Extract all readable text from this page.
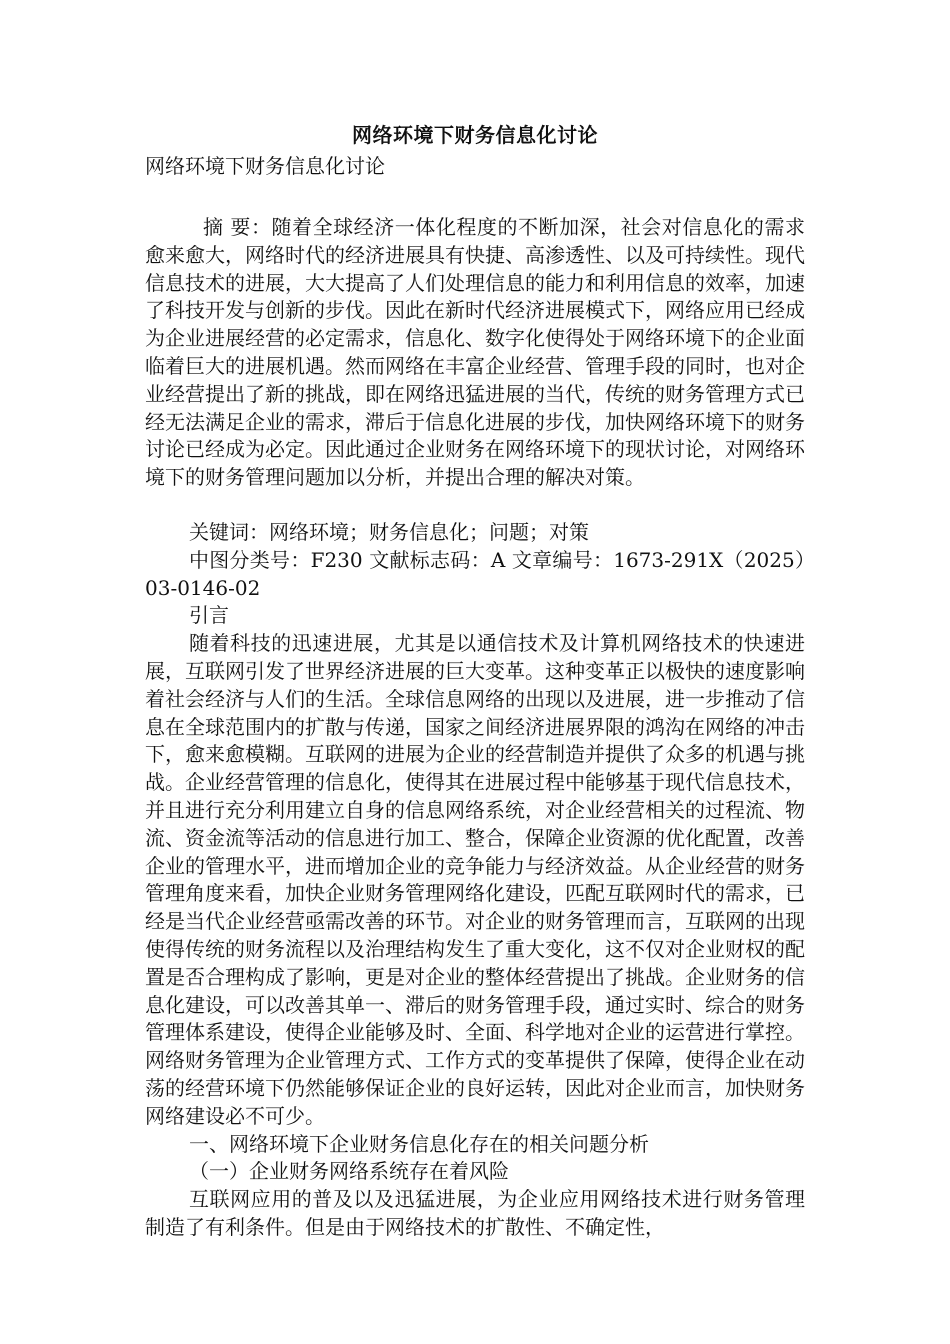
网络环境下财务信息化讨论
网络环境下财务信息化讨论

摘 要：随着全球经济一体化程度的不断加深，社会对信息化的需求愈来愈大，网络时代的经济进展具有快捷、高渗透性、以及可持续性。现代信息技术的进展，大大提高了人们处理信息的能力和利用信息的效率，加速了科技开发与创新的步伐。因此在新时代经济进展模式下，网络应用已经成为企业进展经营的必定需求，信息化、数字化使得处于网络环境下的企业面临着巨大的进展机遇。然而网络在丰富企业经营、管理手段的同时，也对企业经营提出了新的挑战，即在网络迅猛进展的当代，传统的财务管理方式已经无法满足企业的需求，滞后于信息化进展的步伐，加快网络环境下的财务讨论已经成为必定。因此通过企业财务在网络环境下的现状讨论，对网络环境下的财务管理问题加以分析，并提出合理的解决对策。

关键词：网络环境；财务信息化；问题；对策

中图分类号：F230 文献标志码：A 文章编号：1673-291X（2025）03-0146-02

引言

随着科技的迅速进展，尤其是以通信技术及计算机网络技术的快速进展，互联网引发了世界经济进展的巨大变革。这种变革正以极快的速度影响着社会经济与人们的生活。全球信息网络的出现以及进展，进一步推动了信息在全球范围内的扩散与传递，国家之间经济进展界限的鸿沟在网络的冲击下，愈来愈模糊。互联网的进展为企业的经营制造并提供了众多的机遇与挑战。企业经营管理的信息化，使得其在进展过程中能够基于现代信息技术，并且进行充分利用建立自身的信息网络系统，对企业经营相关的过程流、物流、资金流等活动的信息进行加工、整合，保障企业资源的优化配置，改善企业的管理水平，进而增加企业的竞争能力与经济效益。从企业经营的财务管理角度来看，加快企业财务管理网络化建设，匹配互联网时代的需求，已经是当代企业经营亟需改善的环节。对企业的财务管理而言，互联网的出现使得传统的财务流程以及治理结构发生了重大变化，这不仅对企业财权的配置是否合理构成了影响，更是对企业的整体经营提出了挑战。企业财务的信息化建设，可以改善其单一、滞后的财务管理手段，通过实时、综合的财务管理体系建设，使得企业能够及时、全面、科学地对企业的运营进行掌控。网络财务管理为企业管理方式、工作方式的变革提供了保障，使得企业在动荡的经营环境下仍然能够保证企业的良好运转，因此对企业而言，加快财务网络建设必不可少。

一、网络环境下企业财务信息化存在的相关问题分析

（一）企业财务网络系统存在着风险

互联网应用的普及以及迅猛进展，为企业应用网络技术进行财务管理制造了有利条件。但是由于网络技术的扩散性、不确定性，
